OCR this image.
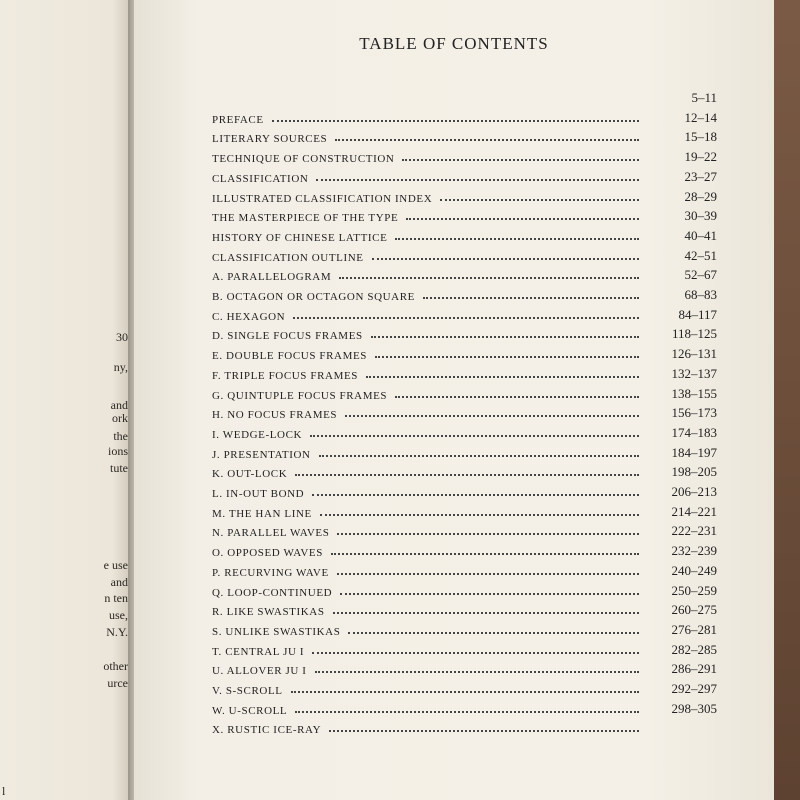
30
ny,
and
ork
the
ions
tute
e use
and
n ten
use,
N.Y.
other
urce
l
TABLE OF CONTENTS
5–11
PREFACE	12–14
LITERARY SOURCES	15–18
TECHNIQUE OF CONSTRUCTION	19–22
CLASSIFICATION	23–27
ILLUSTRATED CLASSIFICATION INDEX	28–29
THE MASTERPIECE OF THE TYPE	30–39
HISTORY OF CHINESE LATTICE	40–41
CLASSIFICATION OUTLINE	42–51
A. PARALLELOGRAM	52–67
B. OCTAGON OR OCTAGON SQUARE	68–83
C. HEXAGON	84–117
D. SINGLE FOCUS FRAMES	118–125
E. DOUBLE FOCUS FRAMES	126–131
F. TRIPLE FOCUS FRAMES	132–137
G. QUINTUPLE FOCUS FRAMES	138–155
H. NO FOCUS FRAMES	156–173
I. WEDGE-LOCK	174–183
J. PRESENTATION	184–197
K. OUT-LOCK	198–205
L. IN-OUT BOND	206–213
M. THE HAN LINE	214–221
N. PARALLEL WAVES	222–231
O. OPPOSED WAVES	232–239
P. RECURVING WAVE	240–249
Q. LOOP-CONTINUED	250–259
R. LIKE SWASTIKAS	260–275
S. UNLIKE SWASTIKAS	276–281
T. CENTRAL JU I	282–285
U. ALLOVER JU I	286–291
V. S-SCROLL	292–297
W. U-SCROLL	298–305
X. RUSTIC ICE-RAY
